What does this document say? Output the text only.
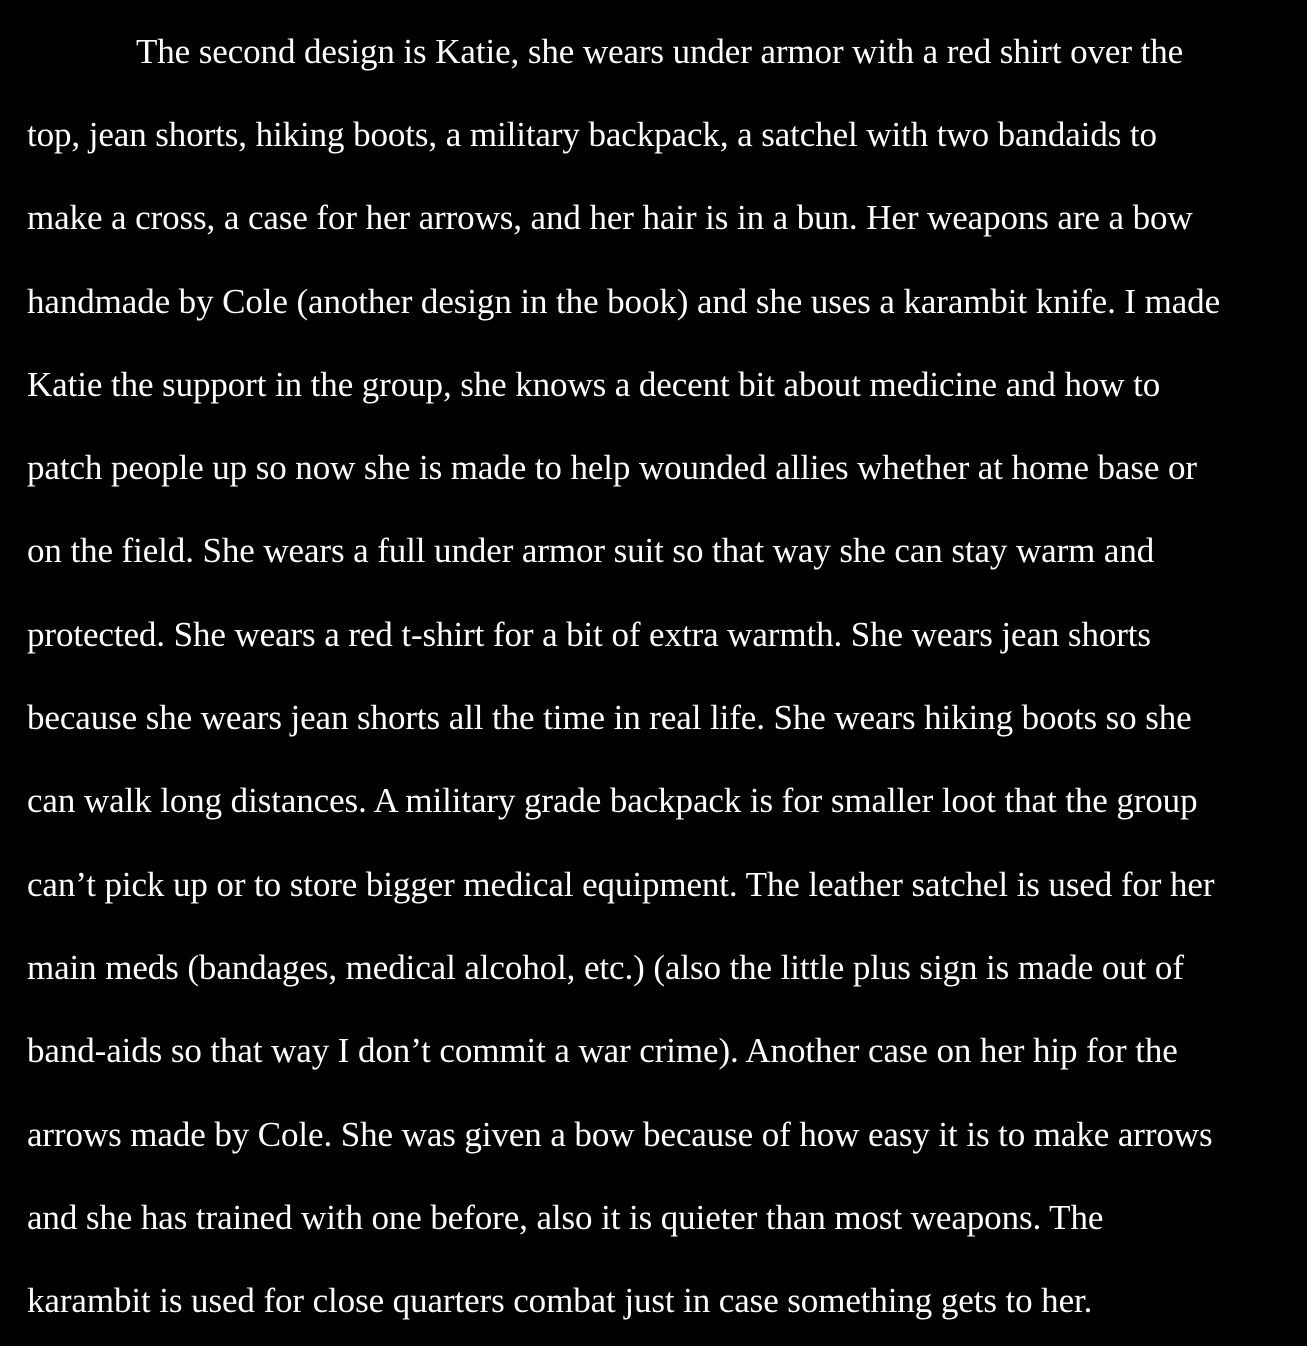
The second design is Katie, she wears under armor with a red shirt over the
top, jean shorts, hiking boots, a military backpack, a satchel with two bandaids to
make a cross, a case for her arrows, and her hair is in a bun. Her weapons are a bow
handmade by Cole (another design in the book) and she uses a karambit knife. I made
Katie the support in the group, she knows a decent bit about medicine and how to
patch people up so now she is made to help wounded allies whether at home base or
on the field. She wears a full under armor suit so that way she can stay warm and
protected. She wears a red t-shirt for a bit of extra warmth. She wears jean shorts
because she wears jean shorts all the time in real life. She wears hiking boots so she
can walk long distances. A military grade backpack is for smaller loot that the group
can’t pick up or to store bigger medical equipment. The leather satchel is used for her
main meds (bandages, medical alcohol, etc.) (also the little plus sign is made out of
band-aids so that way I don’t commit a war crime). Another case on her hip for the
arrows made by Cole. She was given a bow because of how easy it is to make arrows
and she has trained with one before, also it is quieter than most weapons. The
karambit is used for close quarters combat just in case something gets to her.
